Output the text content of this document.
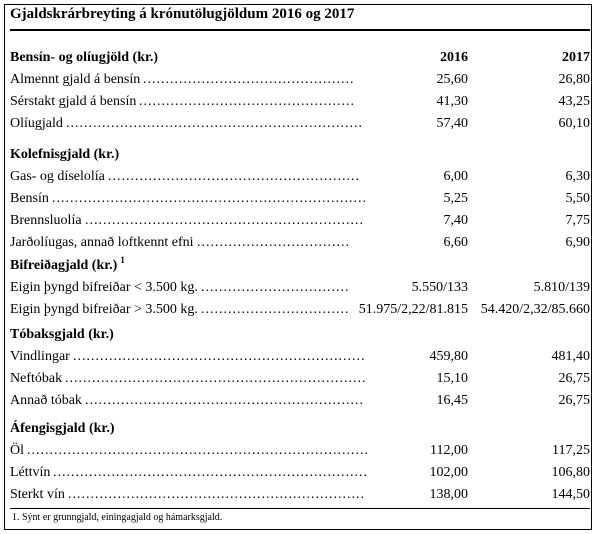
Gjaldskrárbreyting á krónutölugjöldum 2016 og 2017
Bensín- og olíugjöld (kr.)	2016	2017
Almennt gjald á bensín ...............................................	25,60	26,80
Sérstakt gjald á bensín ................................................	41,30	43,25
Olíugjald ..................................................................	57,40	60,10
Kolefnisgjald (kr.)
Gas- og díselolía ........................................................	6,00	6,30
Bensín ......................................................................	5,25	5,50
Brennsluolía ..............................................................	7,40	7,75
Jarðolíugas, annað loftkennt efni ..................................	6,60	6,90
Bifreiðagjald (kr.) $^1$
Eigin þyngd bifreiðar < 3.500 kg. .................................	5.550/133	5.810/139
Eigin þyngd bifreiðar > 3.500 kg. ................................. 51.975/2,22/81.815 54.420/2,32/85.660
Tóbaksgjald (kr.)
Vindlingar .................................................................	459,80	481,40
Neftóbak ...................................................................	15,10	26,75
Annað tóbak ..............................................................	16,45	26,75
Áfengisgjald (kr.)
Öl ............................................................................	112,00	117,25
Léttvín ......................................................................	102,00	106,80
Sterkt vín ..................................................................	138,00	144,50
1. Sýnt er grunngjald, einingagjald og hámarksgjald.
